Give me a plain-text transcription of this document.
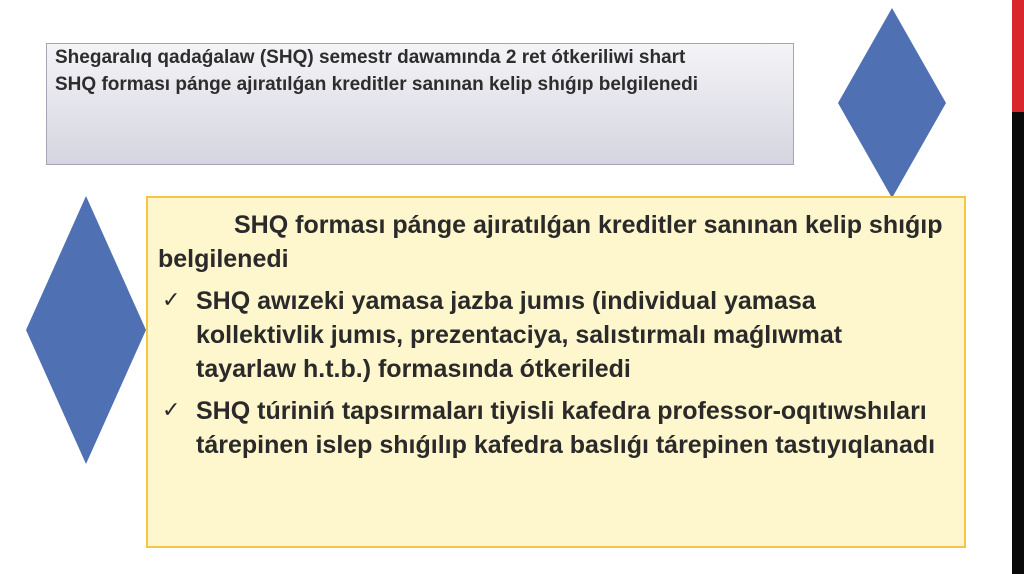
Shegaralıq qadaǵalaw (SHQ) semestr dawamında 2 ret ótkeriliwi shart

SHQ forması pánge ajıratılǵan kreditler sanınan kelip shıǵıp belgilenedi

SHQ forması pánge ajıratılǵan kreditler sanınan kelip shıǵıp belgilenedi

✓ SHQ awızeki yamasa jazba jumıs (individual yamasa kollektivlik jumıs, prezentaciya, salıstırmalı maǵlıwmat tayarlaw h.t.b.) formasında ótkeriledi
✓ SHQ túriniń tapsırmaları tiyisli kafedra professor-oqıtıwshıları tárepinen islep shıǵılıp kafedra baslıǵı tárepinen tastıyıqlanadı
